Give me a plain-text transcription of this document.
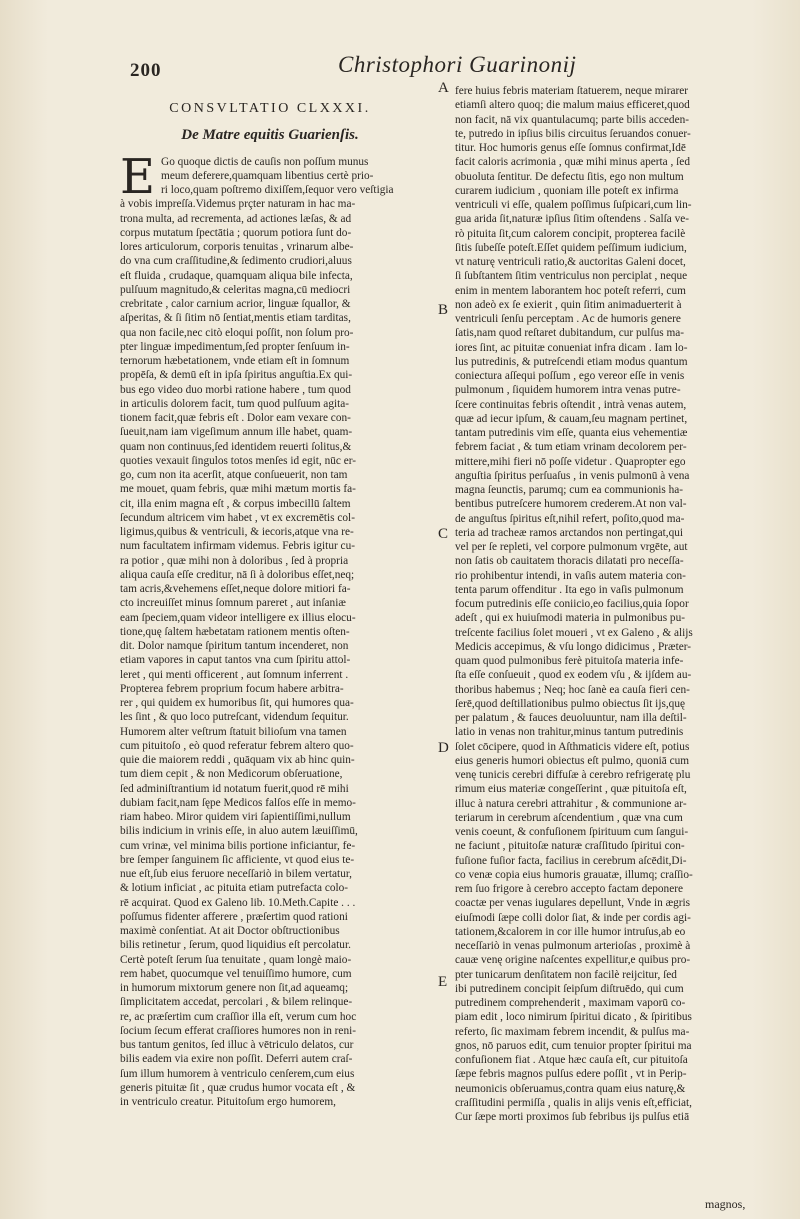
200	Christophori Guarinonij
CONSVLTATIO CLXXXI.
De Matre equitis Guarienſis.
E Go quoque dictis de cauſis non poſſum munus
meum deferere,quamquam libentius certè prio-
ri loco,quam poſtremo dixiſſem,ſequor vero veſtigia
à vobis impreſſa.Videmus prçter naturam in hac ma-
trona multa, ad recrementa, ad actiones læſas, & ad
corpus mutatum ſpectātia ; quorum potiora ſunt do-
lores articulorum, corporis tenuitas , vrinarum albe-
do vna cum craſſitudine,& ſedimento crudiori,aluus
eſt fluida , crudaque, quamquam aliqua bile infecta,
pulſuum magnitudo,& celeritas magna,cū mediocri
crebritate , calor carnium acrior, linguæ ſquallor, &
aſperitas, & ſi ſitim nō ſentiat,mentis etiam tarditas,
qua non facile,nec citò eloqui poſſit, non ſolum pro-
pter linguæ impedimentum,ſed propter ſenſuum in-
ternorum hæbetationem, vnde etiam eſt in ſomnum
propēſa, & demū eſt in ipſa ſpiritus anguſtia.Ex qui-
bus ego video duo morbi ratione habere , tum quod
in articulis dolorem facit, tum quod pulſuum agita-
tionem facit,quæ febris eſt . Dolor eam vexare con-
ſueuit,nam iam vigeſimum annum ille habet, quam-
quam non continuus,ſed identidem reuerti ſolitus,&
quoties vexauit ſingulos totos menſes id egit, nūc er-
go, cum non ita acerſit, atque conſueuerit, non tam
me mouet, quam febris, quæ mihi mætum mortis fa-
cit, illa enim magna eſt , & corpus imbecillū ſaltem
ſecundum altricem vim habet , vt ex excremētis col-
ligimus,quibus & ventriculi, & iecoris,atque vna re-
num facultatem infirmam videmus. Febris igitur cu-
ra potior , quæ mihi non à doloribus , ſed à propria
aliqua cauſa eſſe creditur, nā ſi à doloribus eſſet,neq;
tam acris,&vehemens eſſet,neque dolore mitiori fa-
cto increuiſſet minus ſomnum pareret , aut inſaniæ
eam ſpeciem,quam videor intelligere ex illius elocu-
tione,quę ſaltem hæbetatam rationem mentis oſten-
dit. Dolor namque ſpiritum tantum incenderet, non
etiam vapores in caput tantos vna cum ſpiritu attol-
leret , qui menti officerent , aut ſomnum inferrent .
Propterea febrem proprium focum habere arbitra-
rer , qui quidem ex humoribus ſit, qui humores qua-
les ſint , & quo loco putreſcant, videndum ſequitur.
Humorem alter veſtrum ſtatuit bilioſum vna tamen
cum pituitoſo , eò quod referatur febrem altero quo-
quie die maiorem reddi , quāquam vix ab hinc quin-
tum diem cepit , & non Medicorum obſeruatione,
ſed adminiſtrantium id notatum fuerit,quod rē mihi
dubiam facit,nam ſępe Medicos falſos eſſe in memo-
riam habeo. Miror quidem viri ſapientiſſimi,nullum
bilis indicium in vrinis eſſe, in aluo autem læuiſſimū,
cum vrinæ, vel minima bilis portione inficiantur, fe-
bre ſemper ſanguinem ſic afficiente, vt quod eius te-
nue eſt,ſub eius feruore neceſſariò in bilem vertatur,
& lotium inficiat , ac pituita etiam putrefacta colo-
rē acquirat. Quod ex Galeno lib. 10.Meth.Capite . . .
poſſumus fidenter afferere , præſertim quod rationi
maximè conſentiat. At ait Doctor obſtructionibus
bilis retinetur , ſerum, quod liquidius eſt percolatur.
Certè poteſt ſerum ſua tenuitate , quam longè maio-
rem habet, quocumque vel tenuiſſimo humore, cum
in humorum mixtorum genere non ſit,ad aqueamq;
ſimplicitatem accedat, percolari , & bilem relinque-
re, ac præſertim cum craſſior illa eſt, verum cum hoc
ſocium ſecum efferat craſſiores humores non in reni-
bus tantum genitos, ſed illuc à vētriculo delatos, cur
bilis eadem via exire non poſſit. Deferri autem craſ-
ſum illum humorem à ventriculo cenſerem,cum eius
generis pituitæ ſit , quæ crudus humor vocata eſt , &
in ventriculo creatur. Pituitoſum ergo humorem,
fere huius febris materiam ſtatuerem, neque mirarer
etiamſi altero quoq; die malum maius efficeret,quod
non facit, nā vix quantulacumq; parte bilis acceden-
te, putredo in ipſius bilis circuitus ſeruandos conuer-
titur. Hoc humoris genus eſſe ſomnus confirmat,Idē
facit caloris acrimonia , quæ mihi minus aperta , ſed
obuoluta ſentitur. De defectu ſitis, ego non multum
curarem iudicium , quoniam ille poteſt ex infirma
ventriculi vi eſſe, qualem poſſimus ſuſpicari,cum lin-
gua arida ſit,naturæ ipſius ſitim oſtendens . Salſa ve-
rò pituita ſit,cum calorem concipit, propterea facilè
ſitis ſubeſſe poteſt.Eſſet quidem peſſimum iudicium,
vt naturę ventriculi ratio,& auctoritas Galeni docet,
ſi ſubſtantem ſitim ventriculus non perciplat , neque
enim in mentem laborantem hoc poteſt referri, cum
non adeò ex ſe exierit , quin ſitim animaduerterit à
ventriculi ſenſu perceptam . Ac de humoris genere
ſatis,nam quod reſtaret dubitandum, cur pulſus ma-
iores ſint, ac pituitæ conueniat infra dicam . Iam lo-
lus putredinis, & putreſcendi etiam modus quantum
coniectura aſſequi poſſum , ego vereor eſſe in venis
pulmonum , ſiquidem humorem intra venas putre-
ſcere continuitas febris oſtendit , intrà venas autem,
quæ ad iecur ipſum, & cauam,ſeu magnam pertinet,
tantam putredinis vim eſſe, quanta eius vehementiæ
febrem faciat , & tum etiam vrinam decolorem per-
mittere,mihi fieri nō poſſe videtur . Quapropter ego
anguſtia ſpiritus perſuaſus , in venis pulmonū à vena
magna ſeunctis, parumq; cum ea communionis ha-
bentibus putreſcere humorem crederem.At non val-
de anguſtus ſpiritus eſt,nihil refert, poſito,quod ma-
teria ad tracheæ ramos arctandos non pertingat,qui
vel per ſe repleti, vel corpore pulmonum vrgēte, aut
non ſatis ob cauitatem thoracis dilatati pro neceſſa-
rio prohibentur intendi, in vaſis autem materia con-
tenta parum offenditur . Ita ego in vaſis pulmonum
focum putredinis eſſe coniicio,eo facilius,quia ſopor
adeſt , qui ex huiuſmodi materia in pulmonibus pu-
treſcente facilius ſolet moueri , vt ex Galeno , & alijs
Medicis accepimus, & vſu longo didicimus , Præter-
quam quod pulmonibus ferè pituitoſa materia infe-
ſta eſſe conſueuit , quod ex eodem vſu , & ijſdem au-
thoribus habemus ; Neq; hoc ſanè ea cauſa fieri cen-
ſerē,quod deſtillationibus pulmo obiectus ſit ijs,quę
per palatum , & fauces deuoluuntur, nam illa deſtil-
latio in venas non trahitur,minus tantum putredinis
ſolet cōcipere, quod in Aſthmaticis videre eſt, potius
eius generis humori obiectus eſt pulmo, quoniā cum
venę tunicis cerebri diffuſæ à cerebro refrigeratę plu
rimum eius materiæ congeſſerint , quæ pituitoſa eſt,
illuc à natura cerebri attrahitur , & communione ar-
teriarum in cerebrum aſcendentium , quæ vna cum
venis coeunt, & confuſionem ſpirituum cum ſangui-
ne faciunt , pituitoſæ naturæ craſſitudo ſpiritui con-
fuſione fuſior facta, facilius in cerebrum aſcēdit,Di-
co venæ copia eius humoris grauatæ, illumq; craſſio-
rem ſuo frigore à cerebro accepto factam deponere
coactæ per venas iugulares depellunt, Vnde in ægris
eiuſmodi ſæpe colli dolor ſiat, & inde per cordis agi-
tationem,&calorem in cor ille humor intruſus,ab eo
neceſſariò in venas pulmonum arterioſas , proximè à
cauæ venę origine naſcentes expellitur,e quibus pro-
pter tunicarum denſitatem non facilè reijcitur, ſed
ibi putredinem concipit ſeipſum diſtruēdo, qui cum
putredinem comprehenderit , maximam vaporū co-
piam edit , loco nimirum ſpiritui dicato , & ſpiritibus
referto, ſic maximam febrem incendit, & pulſus ma-
gnos, nō paruos edit, cum tenuior propter ſpiritui ma
confuſionem fiat . Atque hæc cauſa eſt, cur pituitoſa
ſæpe febris magnos pulſus edere poſſit , vt in Perip-
neumonicis obſeruamus,contra quam eius naturę,&
craſſitudini permiſſa , qualis in alijs venis eſt,efficiat,
Cur ſæpe morti proximos ſub febribus ijs pulſus etiā
A
B
C
D
E
magnos,
